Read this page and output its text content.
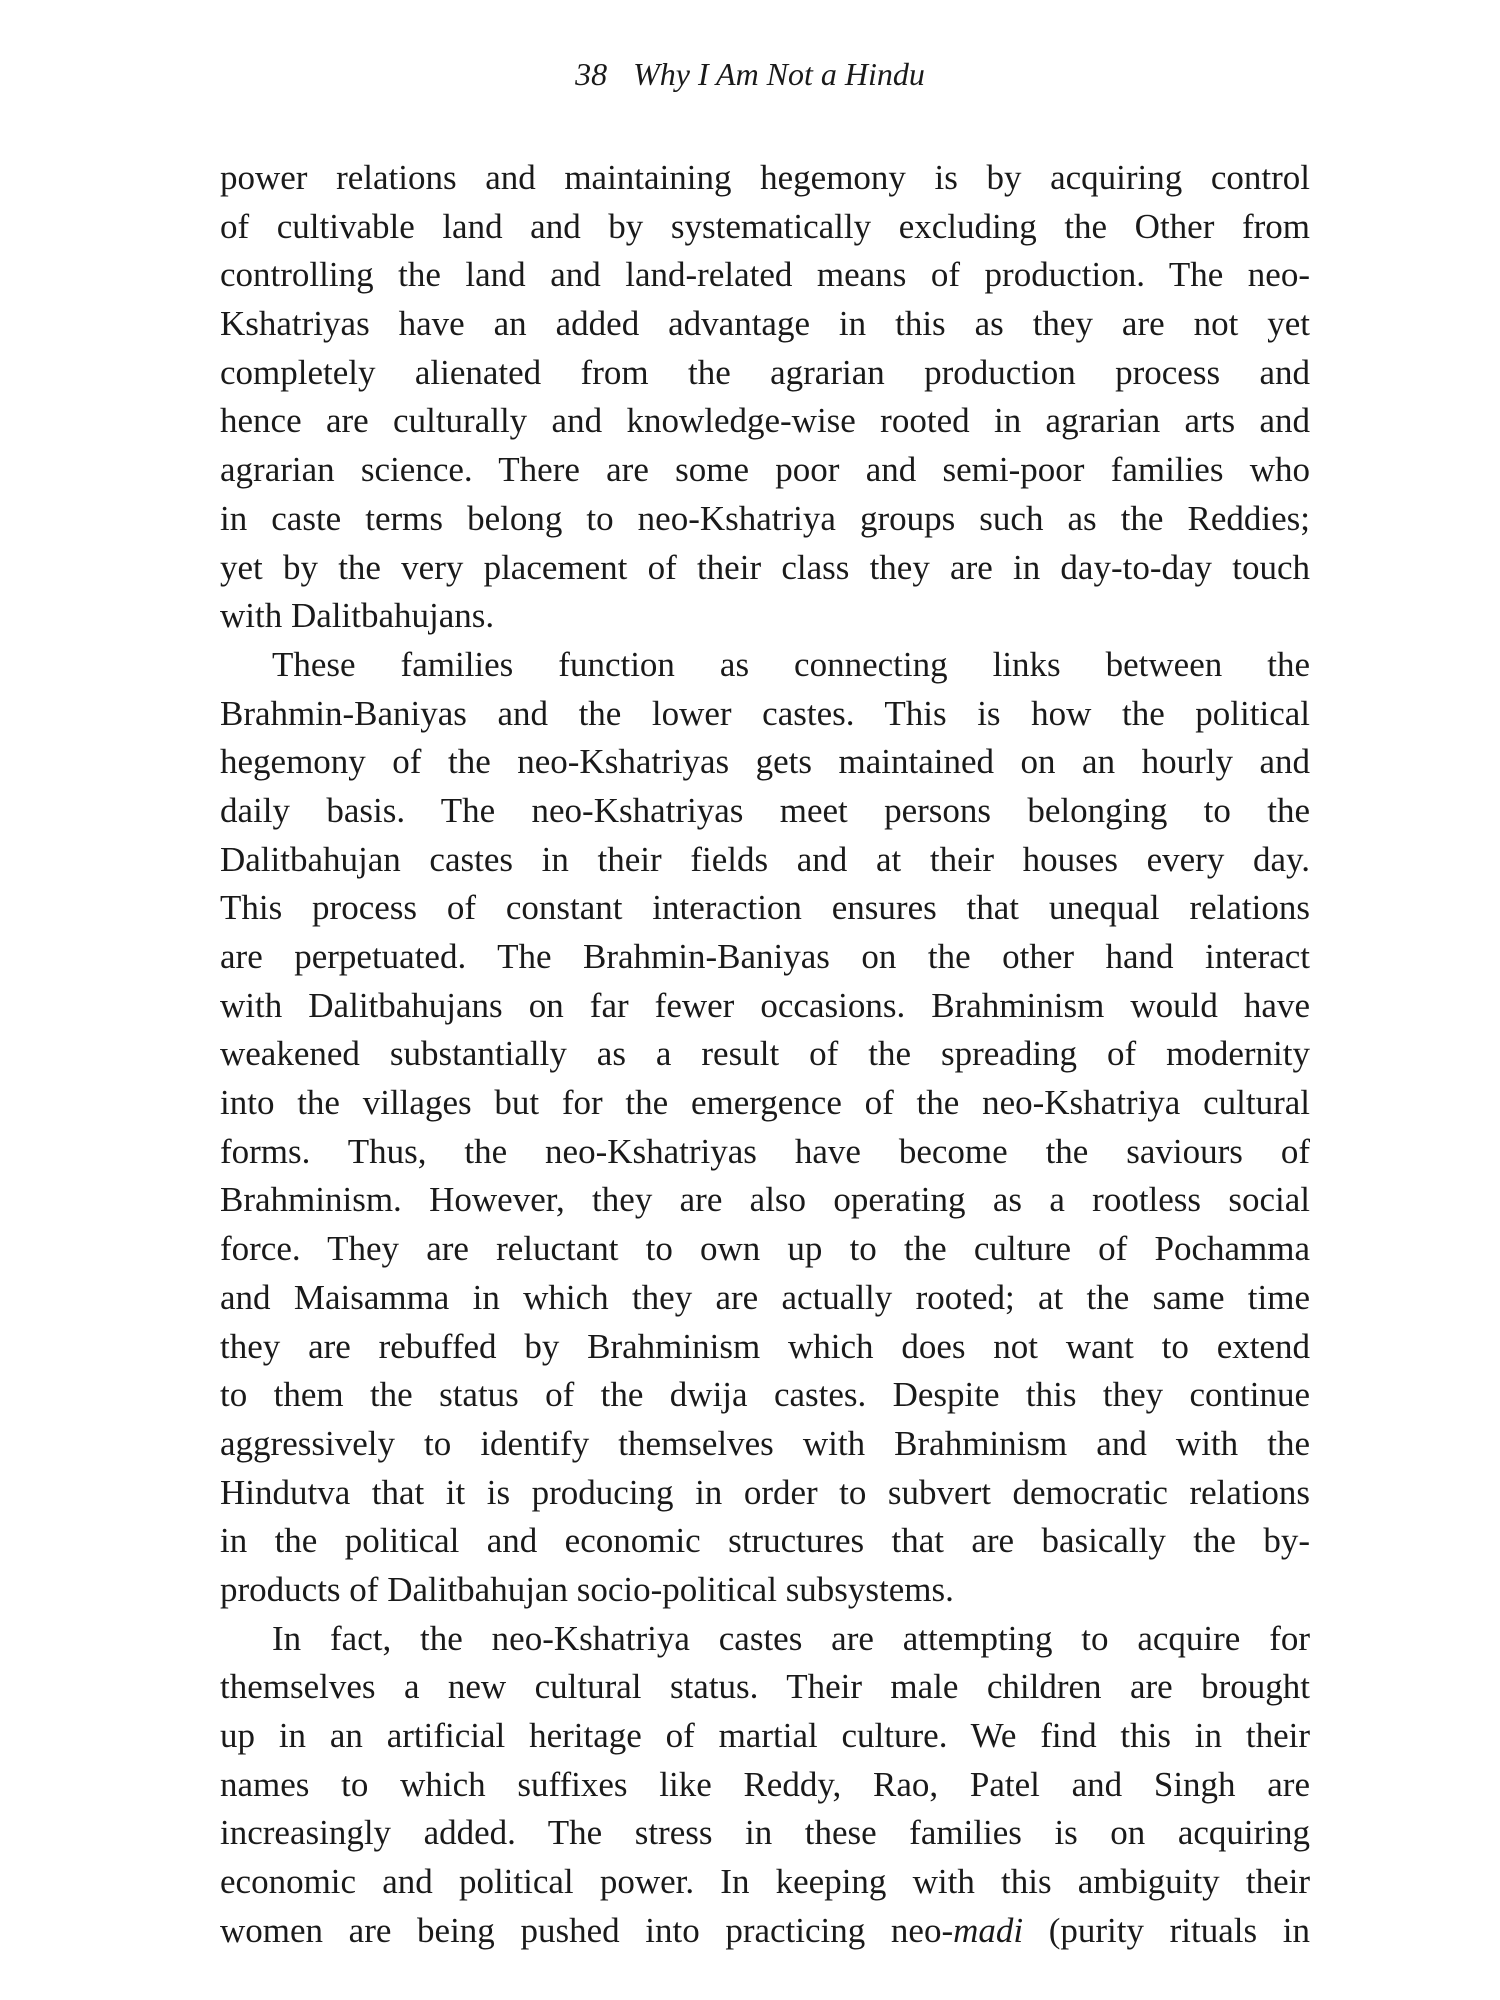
38 Why I Am Not a Hindu
power relations and maintaining hegemony is by acquiring control
of cultivable land and by systematically excluding the Other from
controlling the land and land-related means of production. The neo-
Kshatriyas have an added advantage in this as they are not yet
completely alienated from the agrarian production process and
hence are culturally and knowledge-wise rooted in agrarian arts and
agrarian science. There are some poor and semi-poor families who
in caste terms belong to neo-Kshatriya groups such as the Reddies;
yet by the very placement of their class they are in day-to-day touch
with Dalitbahujans.
These families function as connecting links between the
Brahmin-Baniyas and the lower castes. This is how the political
hegemony of the neo-Kshatriyas gets maintained on an hourly and
daily basis. The neo-Kshatriyas meet persons belonging to the
Dalitbahujan castes in their fields and at their houses every day.
This process of constant interaction ensures that unequal relations
are perpetuated. The Brahmin-Baniyas on the other hand interact
with Dalitbahujans on far fewer occasions. Brahminism would have
weakened substantially as a result of the spreading of modernity
into the villages but for the emergence of the neo-Kshatriya cultural
forms. Thus, the neo-Kshatriyas have become the saviours of
Brahminism. However, they are also operating as a rootless social
force. They are reluctant to own up to the culture of Pochamma
and Maisamma in which they are actually rooted; at the same time
they are rebuffed by Brahminism which does not want to extend
to them the status of the dwija castes. Despite this they continue
aggressively to identify themselves with Brahminism and with the
Hindutva that it is producing in order to subvert democratic relations
in the political and economic structures that are basically the by-
products of Dalitbahujan socio-political subsystems.
In fact, the neo-Kshatriya castes are attempting to acquire for
themselves a new cultural status. Their male children are brought
up in an artificial heritage of martial culture. We find this in their
names to which suffixes like Reddy, Rao, Patel and Singh are
increasingly added. The stress in these families is on acquiring
economic and political power. In keeping with this ambiguity their
women are being pushed into practicing neo-madi (purity rituals in
